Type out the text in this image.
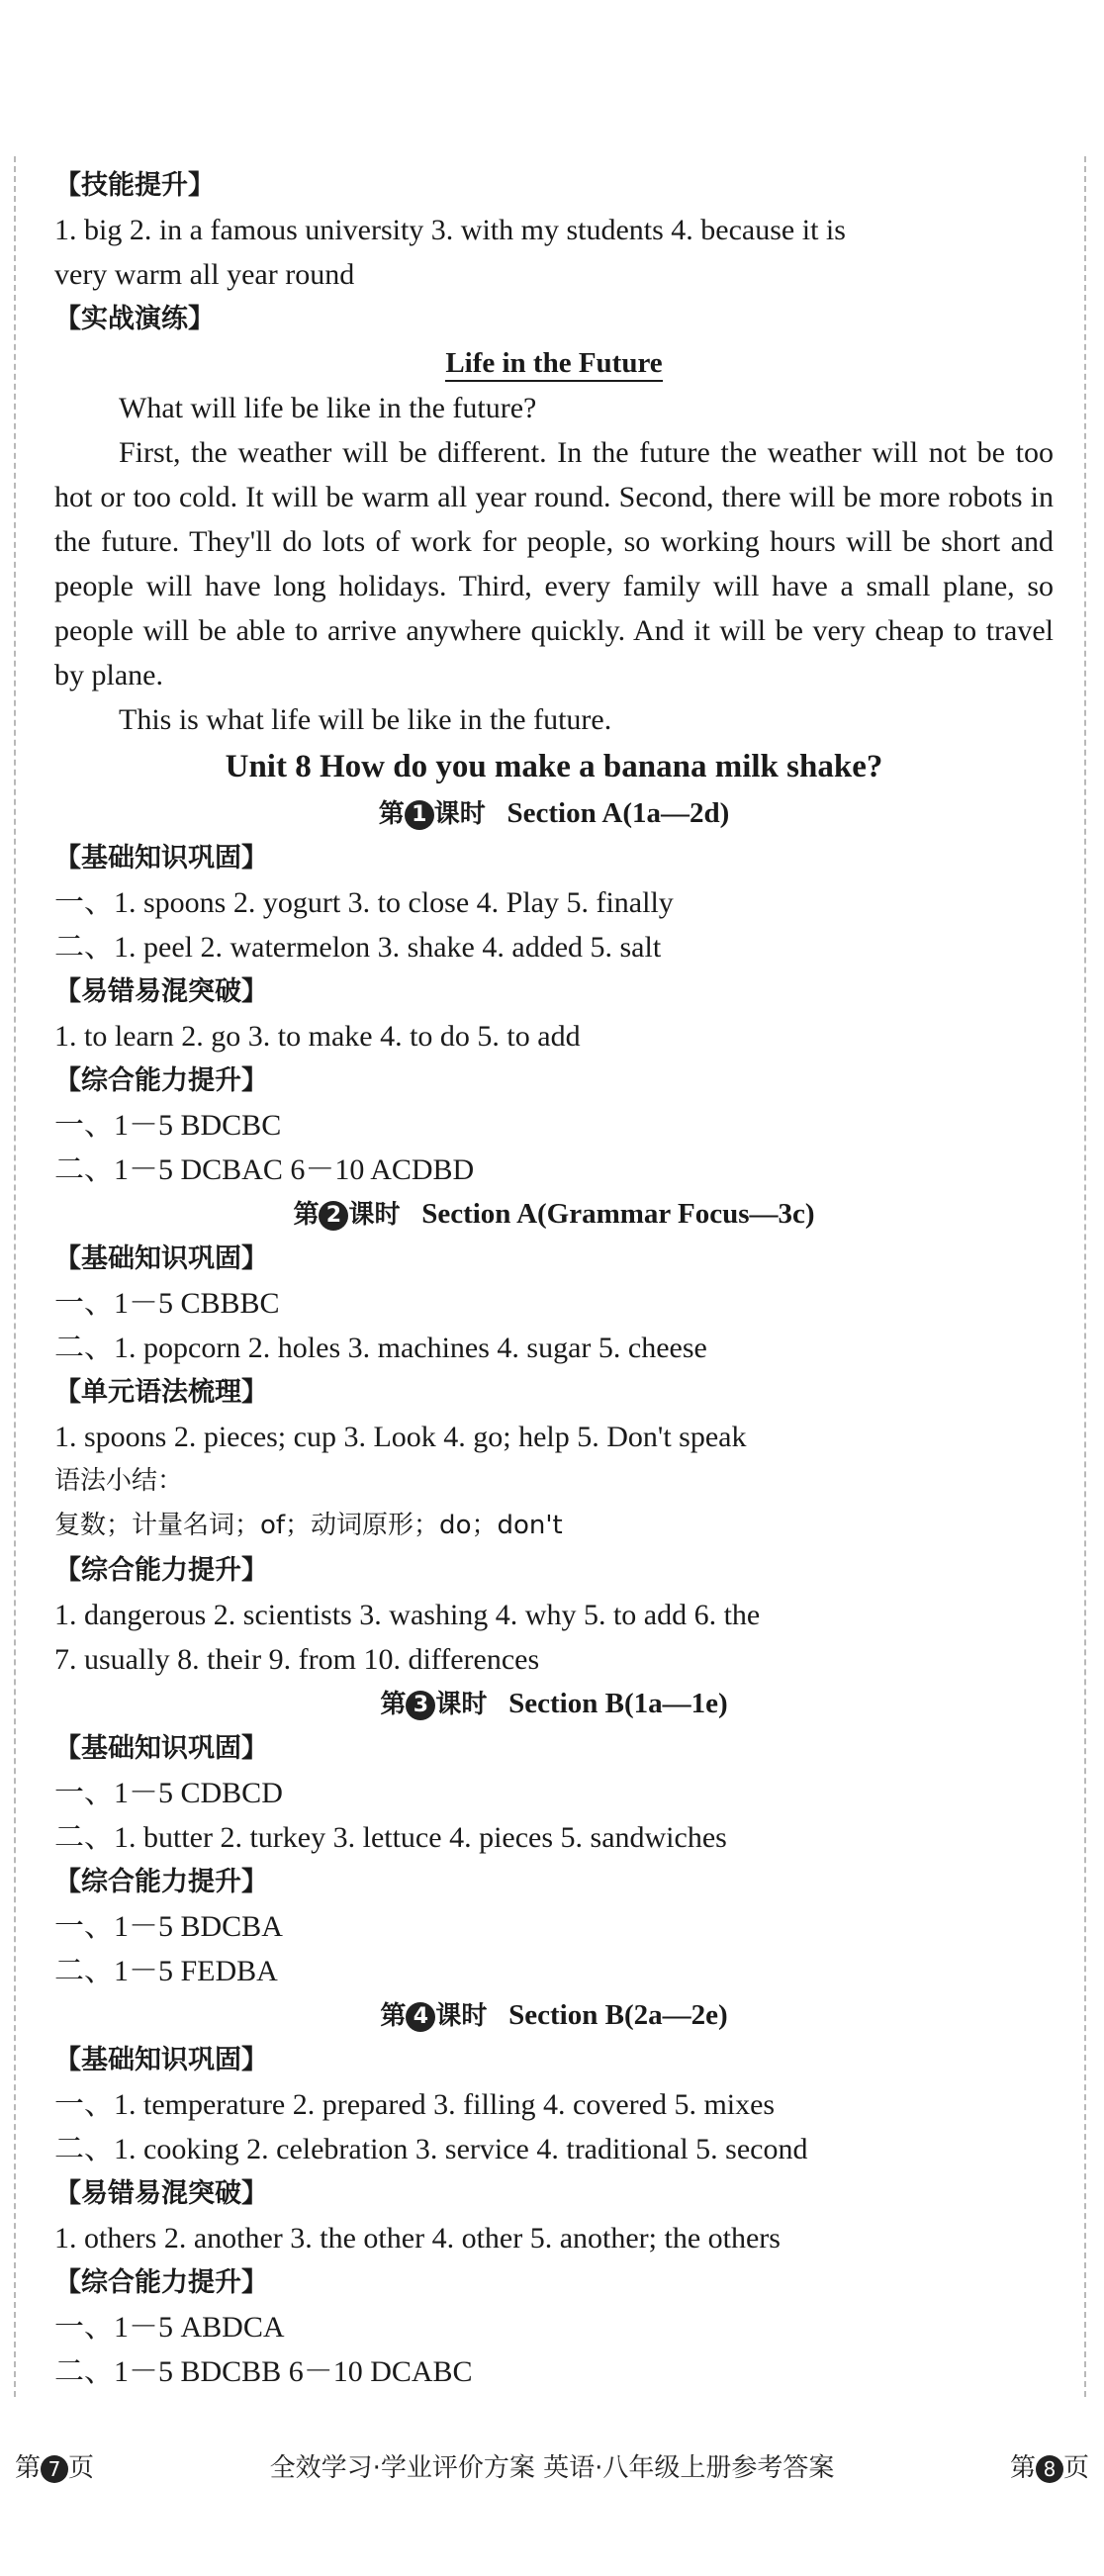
【技能提升】
1. big 2. in a famous university 3. with my students 4. because it is
very warm all year round
【实战演练】
Life in the Future
What will life be like in the future?
First, the weather will be different. In the future the weather will not be too hot or too cold. It will be warm all year round. Second, there will be more robots in the future. They'll do lots of work for people, so working hours will be short and people will have long holidays. Third, every family will have a small plane, so people will be able to arrive anywhere quickly. And it will be very cheap to travel by plane.
This is what life will be like in the future.
Unit 8 How do you make a banana milk shake?
第 1 课时 Section A(1a—2d)
【基础知识巩固】
一、1. spoons 2. yogurt 3. to close 4. Play 5. finally
二、1. peel 2. watermelon 3. shake 4. added 5. salt
【易错易混突破】
1. to learn 2. go 3. to make 4. to do 5. to add
【综合能力提升】
一、1－5 BDCBC
二、1－5 DCBAC 6－10 ACDBD
第 2 课时 Section A(Grammar Focus—3c)
【基础知识巩固】
一、1－5 CBBBC
二、1. popcorn 2. holes 3. machines 4. sugar 5. cheese
【单元语法梳理】
1. spoons 2. pieces; cup 3. Look 4. go; help 5. Don't speak
语法小结：
复数；计量名词；of；动词原形；do；don't
【综合能力提升】
1. dangerous 2. scientists 3. washing 4. why 5. to add 6. the
7. usually 8. their 9. from 10. differences
第 3 课时 Section B(1a—1e)
【基础知识巩固】
一、1－5 CDBCD
二、1. butter 2. turkey 3. lettuce 4. pieces 5. sandwiches
【综合能力提升】
一、1－5 BDCBA
二、1－5 FEDBA
第 4 课时 Section B(2a—2e)
【基础知识巩固】
一、1. temperature 2. prepared 3. filling 4. covered 5. mixes
二、1. cooking 2. celebration 3. service 4. traditional 5. second
【易错易混突破】
1. others 2. another 3. the other 4. other 5. another; the others
【综合能力提升】
一、1－5 ABDCA
二、1－5 BDCBB 6－10 DCABC
第 7 页	全效学习·学业评价方案 英语·八年级上册参考答案	第 8 页
